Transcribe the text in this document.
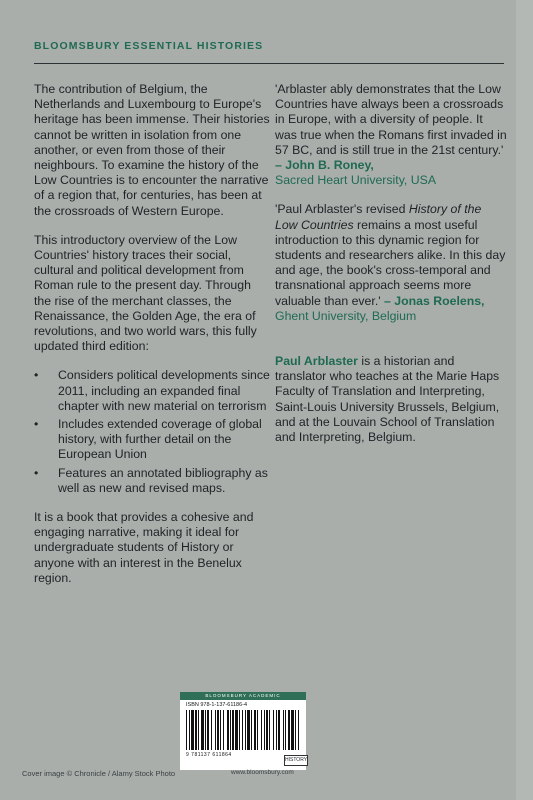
BLOOMSBURY ESSENTIAL HISTORIES

The contribution of Belgium, the Netherlands and Luxembourg to Europe's heritage has been immense. Their histories cannot be written in isolation from one another, or even from those of their neighbours. To examine the history of the Low Countries is to encounter the narrative of a region that, for centuries, has been at the crossroads of Western Europe.

This introductory overview of the Low Countries' history traces their social, cultural and political development from Roman rule to the present day. Through the rise of the merchant classes, the Renaissance, the Golden Age, the era of revolutions, and two world wars, this fully updated third edition:

• Considers political developments since 2011, including an expanded final chapter with new material on terrorism
• Includes extended coverage of global history, with further detail on the European Union
• Features an annotated bibliography as well as new and revised maps.

It is a book that provides a cohesive and engaging narrative, making it ideal for undergraduate students of History or anyone with an interest in the Benelux region.

'Arblaster ably demonstrates that the Low Countries have always been a crossroads in Europe, with a diversity of people. It was true when the Romans first invaded in 57 BC, and is still true in the 21st century.' – John B. Roney,
Sacred Heart University, USA

'Paul Arblaster's revised History of the Low Countries remains a most useful introduction to this dynamic region for students and researchers alike. In this day and age, the book's cross-temporal and transnational approach seems more valuable than ever.' – Jonas Roelens,
Ghent University, Belgium

Paul Arblaster is a historian and translator who teaches at the Marie Haps Faculty of Translation and Interpreting, Saint-Louis University Brussels, Belgium, and at the Louvain School of Translation and Interpreting, Belgium.

BLOOMSBURY ACADEMIC
ISBN 978-1-137-61186-4
9 781137 611864
HISTORY
Cover image © Chronicle / Alamy Stock Photo	www.bloomsbury.com
